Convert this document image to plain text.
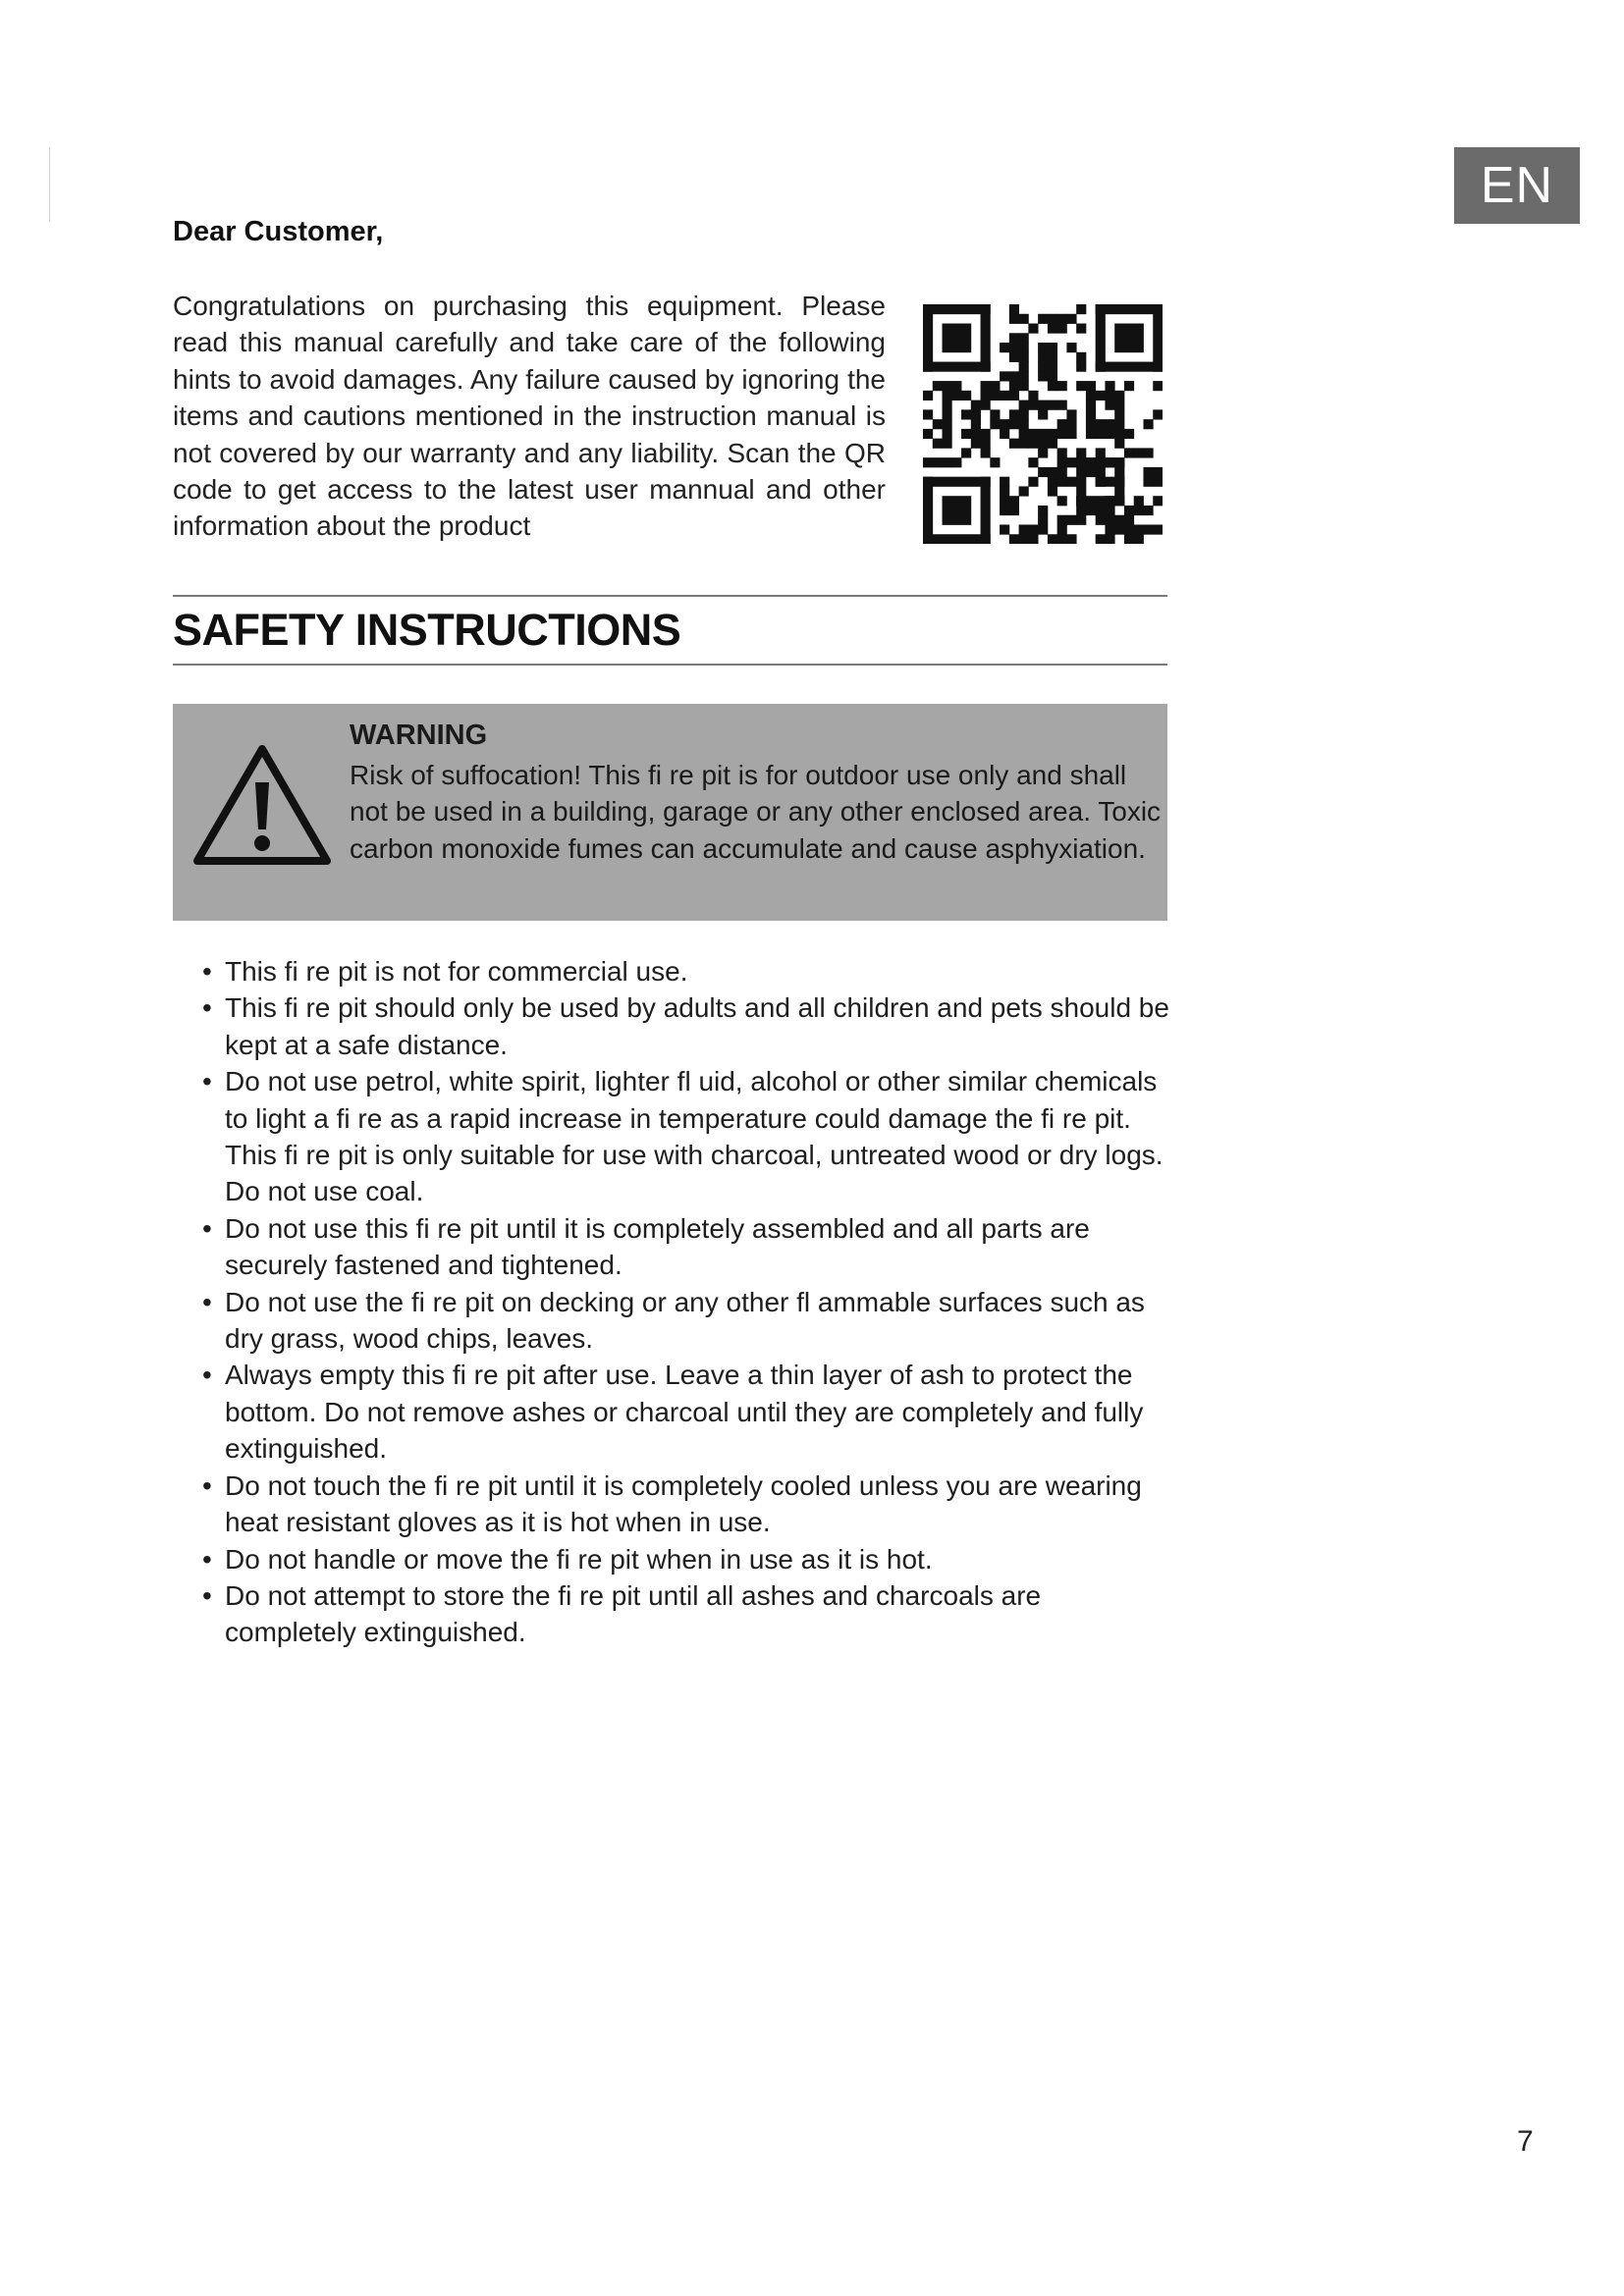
EN
Dear Customer,
Congratulations on purchasing this equipment. Please read this manual carefully and take care of the following hints to avoid damages. Any failure caused by ignoring the items and cautions mentioned in the instruction manual is not covered by our warranty and any liability. Scan the QR code to get access to the latest user mannual and other information about the product
SAFETY INSTRUCTIONS
WARNING
Risk of suffocation! This fi re pit is for outdoor use only and shall not be used in a building, garage or any other enclosed area. Toxic carbon monoxide fumes can accumulate and cause asphyxiation.
• This fi re pit is not for commercial use.
• This fi re pit should only be used by adults and all children and pets should be kept at a safe distance.
• Do not use petrol, white spirit, lighter fl uid, alcohol or other similar chemicals to light a fi re as a rapid increase in temperature could damage the fi re pit. This fi re pit is only suitable for use with charcoal, untreated wood or dry logs. Do not use coal.
• Do not use this fi re pit until it is completely assembled and all parts are securely fastened and tightened.
• Do not use the fi re pit on decking or any other fl ammable surfaces such as dry grass, wood chips, leaves.
• Always empty this fi re pit after use. Leave a thin layer of ash to protect the bottom. Do not remove ashes or charcoal until they are completely and fully extinguished.
• Do not touch the fi re pit until it is completely cooled unless you are wearing heat resistant gloves as it is hot when in use.
• Do not handle or move the fi re pit when in use as it is hot.
• Do not attempt to store the fi re pit until all ashes and charcoals are completely extinguished.
7
